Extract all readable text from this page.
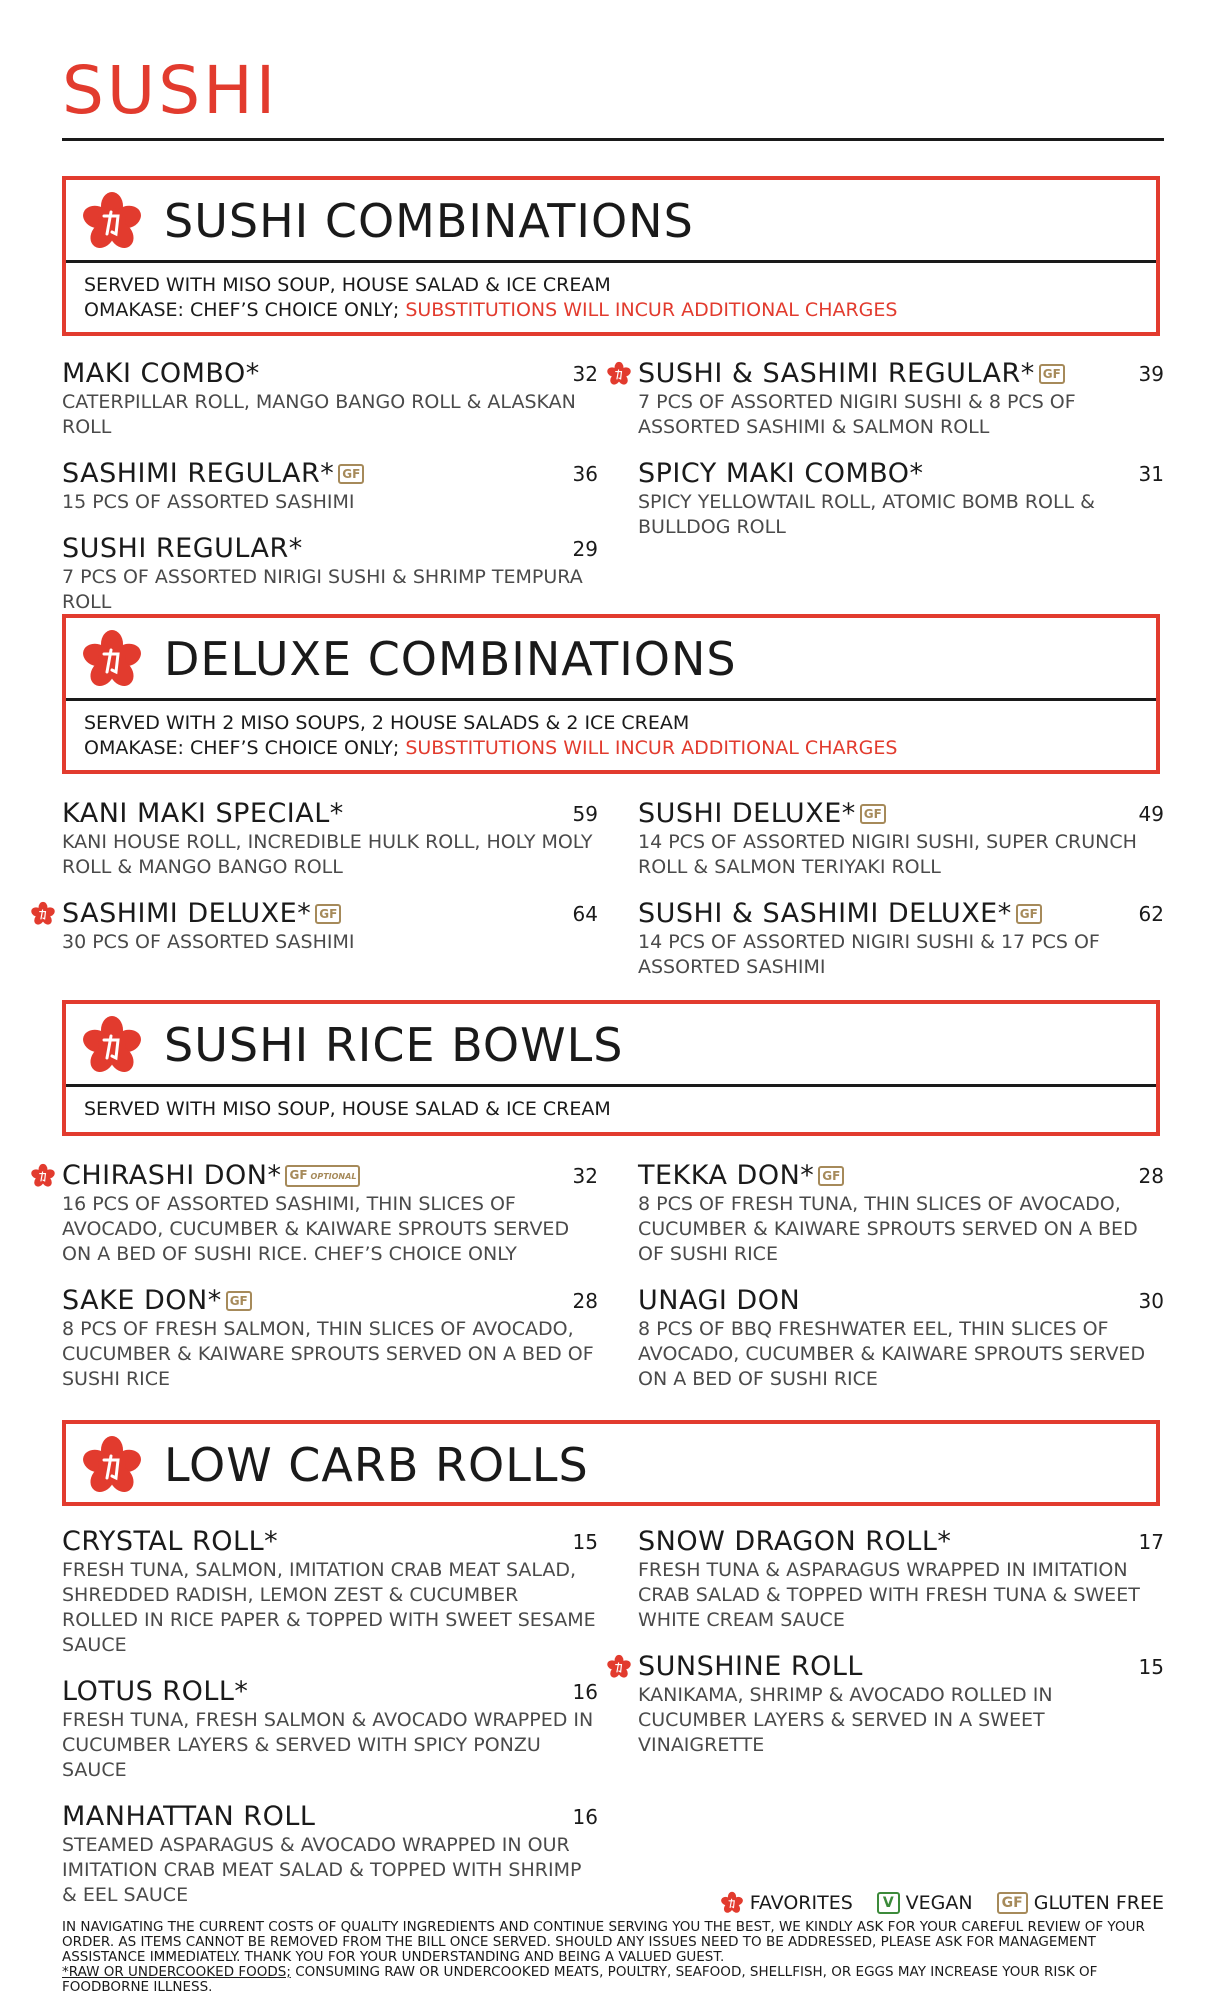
SUSHI
SUSHI COMBINATIONS
SERVED WITH MISO SOUP, HOUSE SALAD & ICE CREAM
OMAKASE: CHEF’S CHOICE ONLY; SUBSTITUTIONS WILL INCUR ADDITIONAL CHARGES
MAKI COMBO*	32
CATERPILLAR ROLL, MANGO BANGO ROLL & ALASKAN ROLL
SASHIMI REGULAR* GF	36
15 PCS OF ASSORTED SASHIMI
SUSHI REGULAR*	29
7 PCS OF ASSORTED NIRIGI SUSHI & SHRIMP TEMPURA ROLL
SUSHI & SASHIMI REGULAR* GF	39
7 PCS OF ASSORTED NIGIRI SUSHI & 8 PCS OF ASSORTED SASHIMI & SALMON ROLL
SPICY MAKI COMBO*	31
SPICY YELLOWTAIL ROLL, ATOMIC BOMB ROLL & BULLDOG ROLL
DELUXE COMBINATIONS
SERVED WITH 2 MISO SOUPS, 2 HOUSE SALADS & 2 ICE CREAM
OMAKASE: CHEF’S CHOICE ONLY; SUBSTITUTIONS WILL INCUR ADDITIONAL CHARGES
KANI MAKI SPECIAL*	59
KANI HOUSE ROLL, INCREDIBLE HULK ROLL, HOLY MOLY ROLL & MANGO BANGO ROLL
SASHIMI DELUXE* GF	64
30 PCS OF ASSORTED SASHIMI
SUSHI DELUXE* GF	49
14 PCS OF ASSORTED NIGIRI SUSHI, SUPER CRUNCH ROLL & SALMON TERIYAKI ROLL
SUSHI & SASHIMI DELUXE* GF	62
14 PCS OF ASSORTED NIGIRI SUSHI & 17 PCS OF ASSORTED SASHIMI
SUSHI RICE BOWLS
SERVED WITH MISO SOUP, HOUSE SALAD & ICE CREAM
CHIRASHI DON* GF OPTIONAL	32
16 PCS OF ASSORTED SASHIMI, THIN SLICES OF AVOCADO, CUCUMBER & KAIWARE SPROUTS SERVED ON A BED OF SUSHI RICE. CHEF’S CHOICE ONLY
SAKE DON* GF	28
8 PCS OF FRESH SALMON, THIN SLICES OF AVOCADO, CUCUMBER & KAIWARE SPROUTS SERVED ON A BED OF SUSHI RICE
TEKKA DON* GF	28
8 PCS OF FRESH TUNA, THIN SLICES OF AVOCADO, CUCUMBER & KAIWARE SPROUTS SERVED ON A BED OF SUSHI RICE
UNAGI DON	30
8 PCS OF BBQ FRESHWATER EEL, THIN SLICES OF AVOCADO, CUCUMBER & KAIWARE SPROUTS SERVED ON A BED OF SUSHI RICE
LOW CARB ROLLS
CRYSTAL ROLL*	15
FRESH TUNA, SALMON, IMITATION CRAB MEAT SALAD, SHREDDED RADISH, LEMON ZEST & CUCUMBER ROLLED IN RICE PAPER & TOPPED WITH SWEET SESAME SAUCE
LOTUS ROLL*	16
FRESH TUNA, FRESH SALMON & AVOCADO WRAPPED IN CUCUMBER LAYERS & SERVED WITH SPICY PONZU SAUCE
MANHATTAN ROLL	16
STEAMED ASPARAGUS & AVOCADO WRAPPED IN OUR IMITATION CRAB MEAT SALAD & TOPPED WITH SHRIMP & EEL SAUCE
SNOW DRAGON ROLL*	17
FRESH TUNA & ASPARAGUS WRAPPED IN IMITATION CRAB SALAD & TOPPED WITH FRESH TUNA & SWEET WHITE CREAM SAUCE
SUNSHINE ROLL	15
KANIKAMA, SHRIMP & AVOCADO ROLLED IN CUCUMBER LAYERS & SERVED IN A SWEET VINAIGRETTE
FAVORITES V VEGAN GF GLUTEN FREE
IN NAVIGATING THE CURRENT COSTS OF QUALITY INGREDIENTS AND CONTINUE SERVING YOU THE BEST, WE KINDLY ASK FOR YOUR CAREFUL REVIEW OF YOUR ORDER. AS ITEMS CANNOT BE REMOVED FROM THE BILL ONCE SERVED. SHOULD ANY ISSUES NEED TO BE ADDRESSED, PLEASE ASK FOR MANAGEMENT ASSISTANCE IMMEDIATELY. THANK YOU FOR YOUR UNDERSTANDING AND BEING A VALUED GUEST.
*RAW OR UNDERCOOKED FOODS; CONSUMING RAW OR UNDERCOOKED MEATS, POULTRY, SEAFOOD, SHELLFISH, OR EGGS MAY INCREASE YOUR RISK OF FOODBORNE ILLNESS.
